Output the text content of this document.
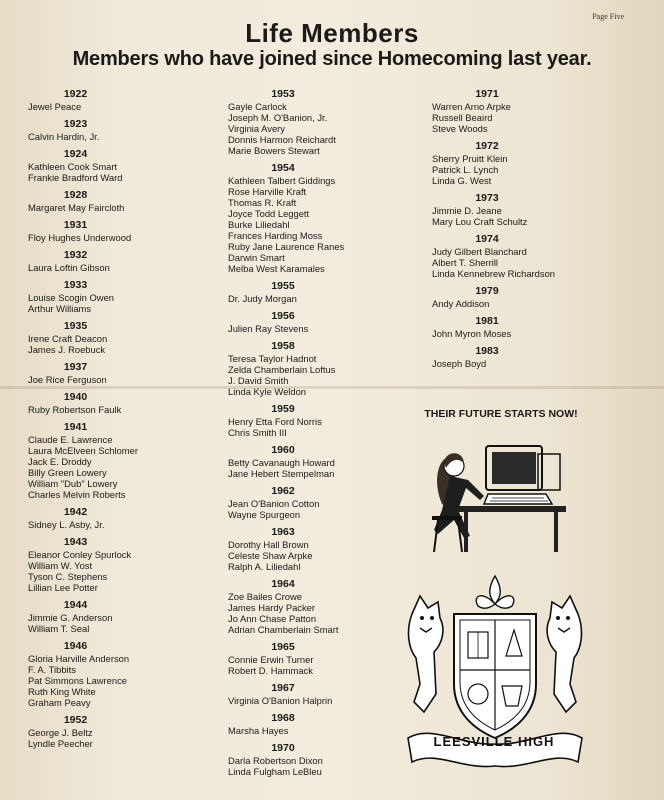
Page Five
Life Members
Members who have joined since Homecoming last year.
1922
Jewel Peace
1923
Calvin Hardin, Jr.
1924
Kathleen Cook Smart
Frankie Bradford Ward
1928
Margaret May Faircloth
1931
Floy Hughes Underwood
1932
Laura Loftin Gibson
1933
Louise Scogin Owen
Arthur Williams
1935
Irene Craft Deacon
James J. Roebuck
1937
Joe Rice Ferguson
1940
Ruby Robertson Faulk
1941
Claude E. Lawrence
Laura McElveen Schlomer
Jack E. Droddy
Billy Green Lowery
William "Dub" Lowery
Charles Melvin Roberts
1942
Sidney L. Asby, Jr.
1943
Eleanor Conley Spurlock
William W. Yost
Tyson C. Stephens
Lillian Lee Potter
1944
Jimmie G. Anderson
William T. Seal
1946
Gloria Harville Anderson
F. A. Tibbits
Pat Simmons Lawrence
Ruth King White
Graham Peavy
1952
George J. Beltz
Lyndle Peecher
1953
Gayle Carlock
Joseph M. O'Banion, Jr.
Virginia Avery
Donnis Harmon Reichardt
Marie Bowers Stewart
1954
Kathleen Talbert Giddings
Rose Harville Kraft
Thomas R. Kraft
Joyce Todd Leggett
Burke Liliedahl
Frances Harding Moss
Ruby Jane Laurence Ranes
Darwin Smart
Melba West Karamales
1955
Dr. Judy Morgan
1956
Julien Ray Stevens
1958
Teresa Taylor Hadnot
Zelda Chamberlain Loftus
J. David Smith
Linda Kyle Weldon
1959
Henry Etta Ford Norris
Chris Smith III
1960
Betty Cavanaugh Howard
Jane Hebert Stempelman
1962
Jean O'Banion Cotton
Wayne Spurgeon
1963
Dorothy Hall Brown
Celeste Shaw Arpke
Ralph A. Liliedahl
1964
Zoe Bailes Crowe
James Hardy Packer
Jo Ann Chase Patton
Adrian Chamberlain Smart
1965
Connie Erwin Turner
Robert D. Hammack
1967
Virginia O'Banion Halprin
1968
Marsha Hayes
1970
Darla Robertson Dixon
Linda Fulgham LeBleu
1971
Warren Arno Arpke
Russell Beaird
Steve Woods
1972
Sherry Pruitt Klein
Patrick L. Lynch
Linda G. West
1973
Jimmie D. Jeane
Mary Lou Craft Schultz
1974
Judy Gilbert Blanchard
Albert T. Sherrill
Linda Kennebrew Richardson
1979
Andy Addison
1981
John Myron Moses
1983
Joseph Boyd
THEIR FUTURE STARTS NOW!
LEESVILLE HIGH
